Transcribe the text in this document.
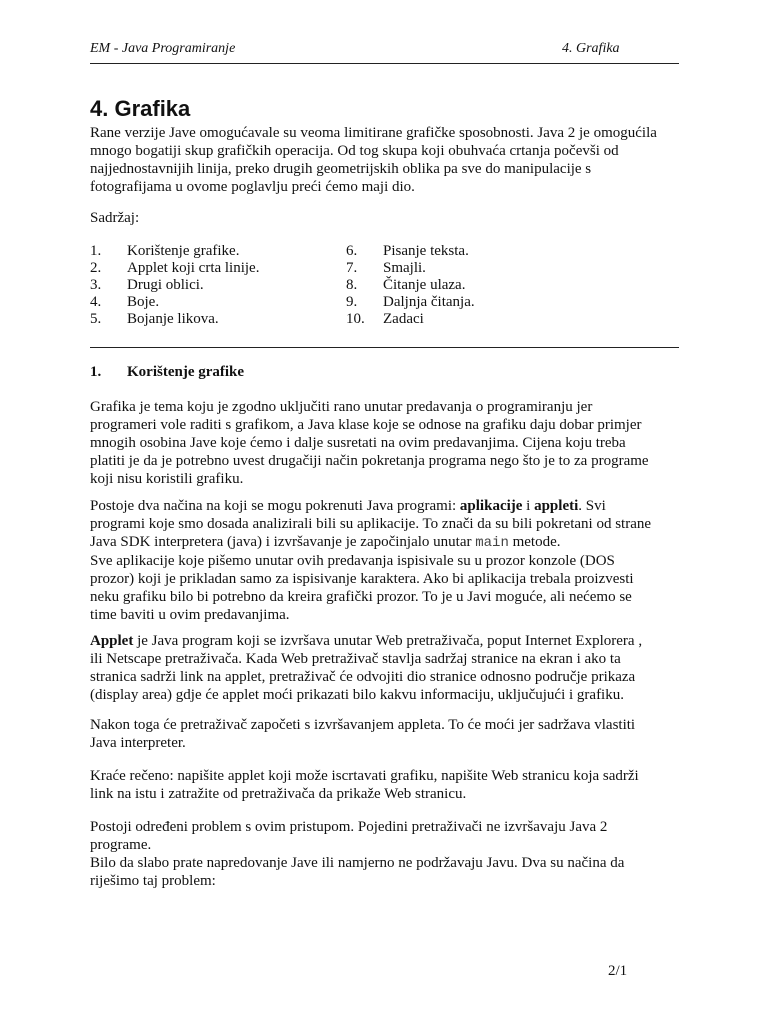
EM - Java Programiranje	4. Grafika
4. Grafika
Rane verzije Jave omogućavale su veoma limitirane grafičke sposobnosti. Java 2 je omogućila
mnogo bogatiji skup grafičkih operacija. Od tog skupa koji obuhvaća crtanja počevši od
najjednostavnijih linija, preko drugih geometrijskih oblika pa sve do manipulacije s
fotografijama u ovome poglavlju preći ćemo maji dio.
Sadržaj:
1. Korištenje grafike.	6. Pisanje teksta.
2. Applet koji crta linije.	7. Smajli.
3. Drugi oblici.	8. Čitanje ulaza.
4. Boje.	9. Daljnja čitanja.
5. Bojanje likova.	10. Zadaci
1. Korištenje grafike
Grafika je tema koju je zgodno uključiti rano unutar predavanja o programiranju jer
programeri vole raditi s grafikom, a Java klase koje se odnose na grafiku daju dobar primjer
mnogih osobina Jave koje ćemo i dalje susretati na ovim predavanjima. Cijena koju treba
platiti je da je potrebno uvest drugačiji način pokretanja programa nego što je to za programe
koji nisu koristili grafiku.
Postoje dva načina na koji se mogu pokrenuti Java programi: aplikacije i appleti. Svi
programi koje smo dosada analizirali bili su aplikacije. To znači da su bili pokretani od strane
Java SDK interpretera (java) i izvršavanje je započinjalo unutar main metode.
Sve aplikacije koje pišemo unutar ovih predavanja ispisivale su u prozor konzole (DOS
prozor) koji je prikladan samo za ispisivanje karaktera. Ako bi aplikacija trebala proizvesti
neku grafiku bilo bi potrebno da kreira grafički prozor. To je u Javi moguće, ali nećemo se
time baviti u ovim predavanjima.
Applet je Java program koji se izvršava unutar Web pretraživača, poput Internet Explorera ,
ili Netscape pretraživača. Kada Web pretraživač stavlja sadržaj stranice na ekran i ako ta
stranica sadrži link na applet, pretraživač će odvojiti dio stranice odnosno područje prikaza
(display area) gdje će applet moći prikazati bilo kakvu informaciju, uključujući i grafiku.
Nakon toga će pretraživač započeti s izvršavanjem appleta. To će moći jer sadržava vlastiti
Java interpreter.
Kraće rečeno: napišite applet koji može iscrtavati grafiku, napišite Web stranicu koja sadrži
link na istu i zatražite od pretraživača da prikaže Web stranicu.
Postoji određeni problem s ovim pristupom. Pojedini pretraživači ne izvršavaju Java 2
programe.
Bilo da slabo prate napredovanje Jave ili namjerno ne podržavaju Javu. Dva su načina da
riješimo taj problem:
2/1
